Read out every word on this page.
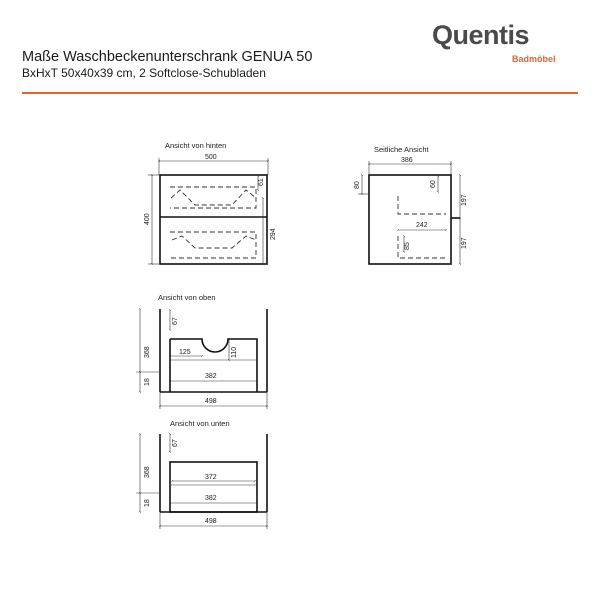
Maße Waschbeckenunterschrank GENUA 50
BxHxT 50x40x39 cm, 2 Softclose-Schubladen
Quentis
Badmöbel
Ansicht von hinten
500
61
400
294
Seitliche Ansicht
386
80	60
197
197
242
85
Ansicht von oben
67
368
18
125	110
382
498
Ansicht von unten
67
368
18
372
382
498
